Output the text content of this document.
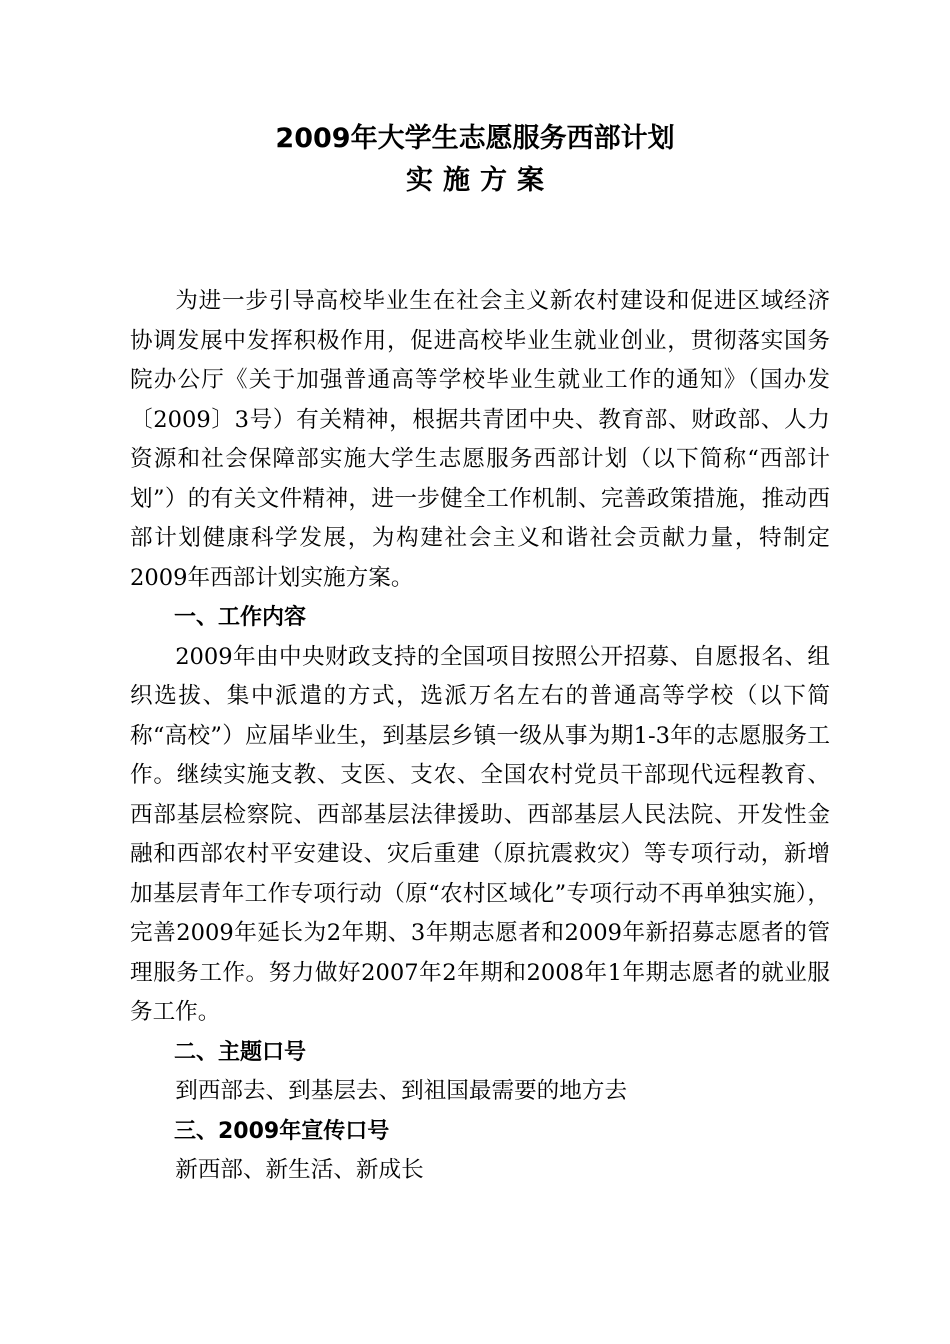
2009年大学生志愿服务西部计划
实施方案

为进一步引导高校毕业生在社会主义新农村建设和促进区域经济协调发展中发挥积极作用，促进高校毕业生就业创业，贯彻落实国务院办公厅《关于加强普通高等学校毕业生就业工作的通知》（国办发〔2009〕3号）有关精神，根据共青团中央、教育部、财政部、人力资源和社会保障部实施大学生志愿服务西部计划（以下简称“西部计划”）的有关文件精神，进一步健全工作机制、完善政策措施，推动西部计划健康科学发展，为构建社会主义和谐社会贡献力量，特制定2009年西部计划实施方案。

一、工作内容

2009年由中央财政支持的全国项目按照公开招募、自愿报名、组织选拔、集中派遣的方式，选派万名左右的普通高等学校（以下简称“高校”）应届毕业生，到基层乡镇一级从事为期1-3年的志愿服务工作。继续实施支教、支医、支农、全国农村党员干部现代远程教育、西部基层检察院、西部基层法律援助、西部基层人民法院、开发性金融和西部农村平安建设、灾后重建（原抗震救灾）等专项行动，新增加基层青年工作专项行动（原“农村区域化”专项行动不再单独实施），完善2009年延长为2年期、3年期志愿者和2009年新招募志愿者的管理服务工作。努力做好2007年2年期和2008年1年期志愿者的就业服务工作。

二、主题口号

到西部去、到基层去、到祖国最需要的地方去

三、2009年宣传口号

新西部、新生活、新成长
